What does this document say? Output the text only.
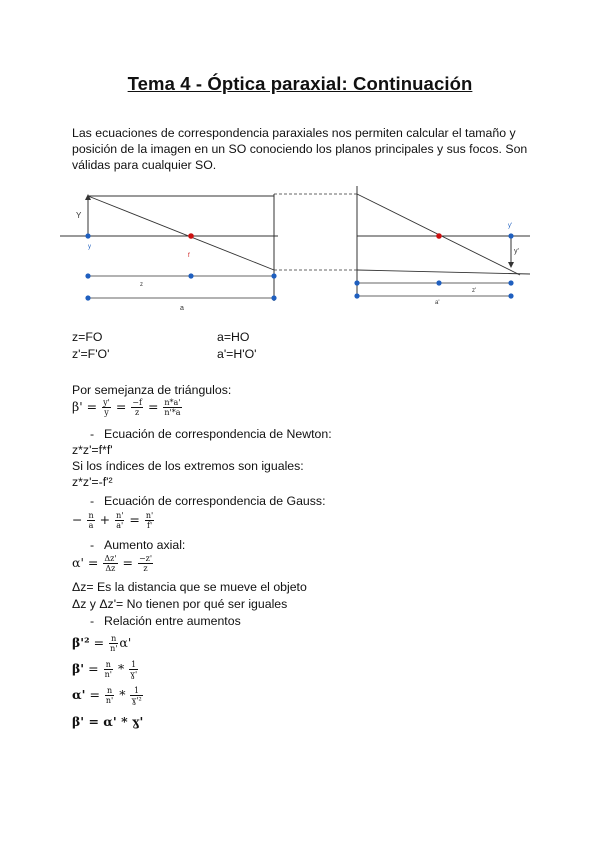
Tema 4 - Óptica paraxial: Continuación
Las ecuaciones de correspondencia paraxiales nos permiten calcular el tamaño y posición de la imagen en un SO conociendo los planos principales y sus focos. Son válidas para cualquier SO.
Y
y
f
z
a
y'
y'
z'
a'
z=FO	a=HO
z'=F'O'	a'=H'O'
Por semejanza de triángulos:
$\beta' = \frac{y'}{y} = \frac{-f}{z} = \frac{n*a'}{n'*a}$
- Ecuación de correspondencia de Newton:
z*z'=f*f'
Si los índices de los extremos son iguales:
z*z'=-f'²
- Ecuación de correspondencia de Gauss:
− $\frac{n}{a} + \frac{n'}{a'} = \frac{n'}{f'}$
- Aumento axial:
$\alpha' = \frac{\Delta z'}{\Delta z} = \frac{-z'}{z}$
Δz= Es la distancia que se mueve el objeto
Δz y Δz'= No tienen por qué ser iguales
- Relación entre aumentos
$\beta'^2 = \frac{n}{n'} \alpha'$
$\beta' = \frac{n}{n'} * \frac{1}{\text{ɣ'}}$
$\alpha' = \frac{n}{n'} * \frac{1}{\text{ɣ'²}}$
β' = α' * ɣ'
